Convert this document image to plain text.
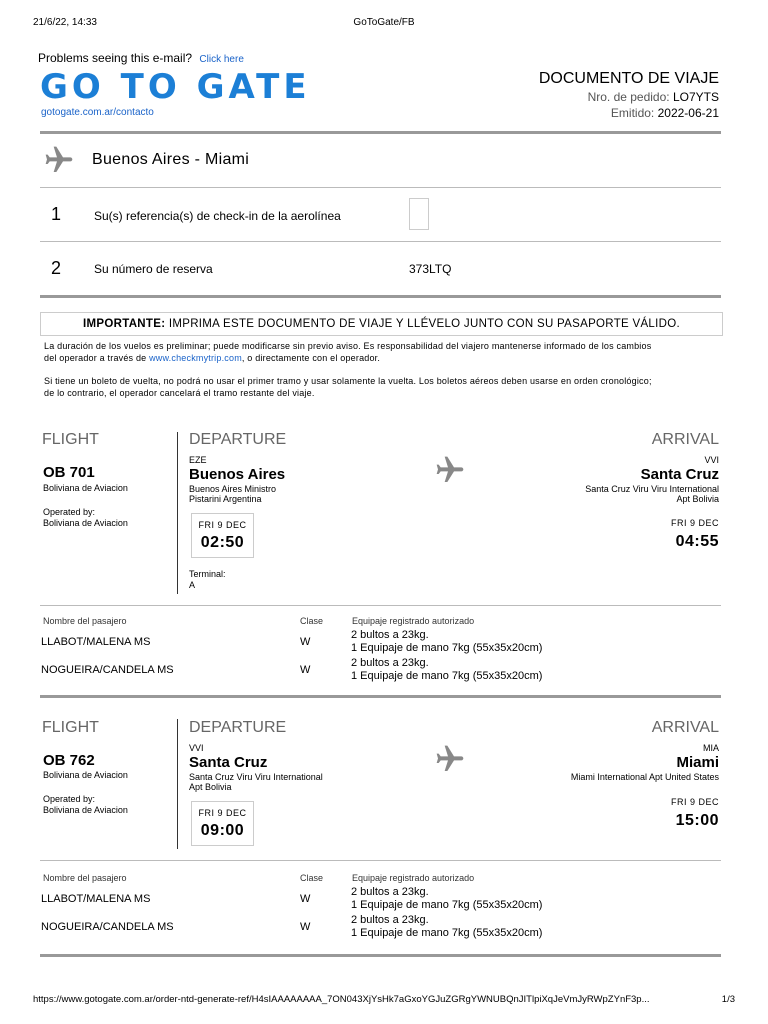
21/6/22, 14:33	GoToGate/FB
Problems seeing this e-mail? Click here
GO TO GATE
gotogate.com.ar/contacto
DOCUMENTO DE VIAJE
Nro. de pedido: LO7YTS
Emitido: 2022-06-21
Buenos Aires - Miami
1	Su(s) referencia(s) de check-in de la aerolínea
2	Su número de reserva	373LTQ
IMPORTANTE: IMPRIMA ESTE DOCUMENTO DE VIAJE Y LLÉVELO JUNTO CON SU PASAPORTE VÁLIDO.
La duración de los vuelos es preliminar; puede modificarse sin previo aviso. Es responsabilidad del viajero mantenerse informado de los cambios
del operador a través de www.checkmytrip.com, o directamente con el operador.
Si tiene un boleto de vuelta, no podrá no usar el primer tramo y usar solamente la vuelta. Los boletos aéreos deben usarse en orden cronológico;
de lo contrario, el operador cancelará el tramo restante del viaje.
FLIGHT
OB 701
Boliviana de Aviacion
Operated by:
Boliviana de Aviacion
DEPARTURE
EZE
Buenos Aires
Buenos Aires Ministro
Pistarini Argentina
FRI 9 DEC
02:50
Terminal:
A
ARRIVAL
VVI
Santa Cruz
Santa Cruz Viru Viru International
Apt Bolivia
FRI 9 DEC
04:55
Nombre del pasajero	Clase	Equipaje registrado autorizado
LLABOT/MALENA MS	W
2 bultos a 23kg.
1 Equipaje de mano 7kg (55x35x20cm)
NOGUEIRA/CANDELA MS	W
2 bultos a 23kg.
1 Equipaje de mano 7kg (55x35x20cm)
FLIGHT
OB 762
Boliviana de Aviacion
Operated by:
Boliviana de Aviacion
DEPARTURE
VVI
Santa Cruz
Santa Cruz Viru Viru International
Apt Bolivia
FRI 9 DEC
09:00
ARRIVAL
MIA
Miami
Miami International Apt United States
FRI 9 DEC
15:00
Nombre del pasajero	Clase	Equipaje registrado autorizado
LLABOT/MALENA MS	W
2 bultos a 23kg.
1 Equipaje de mano 7kg (55x35x20cm)
NOGUEIRA/CANDELA MS	W
2 bultos a 23kg.
1 Equipaje de mano 7kg (55x35x20cm)
https://www.gotogate.com.ar/order-ntd-generate-ref/H4sIAAAAAAAA_7ON043XjYsHk7aGxoYGJuZGRgYWNUBQnJITlpiXqJeVmJyRWpZYnF3p...	1/3
